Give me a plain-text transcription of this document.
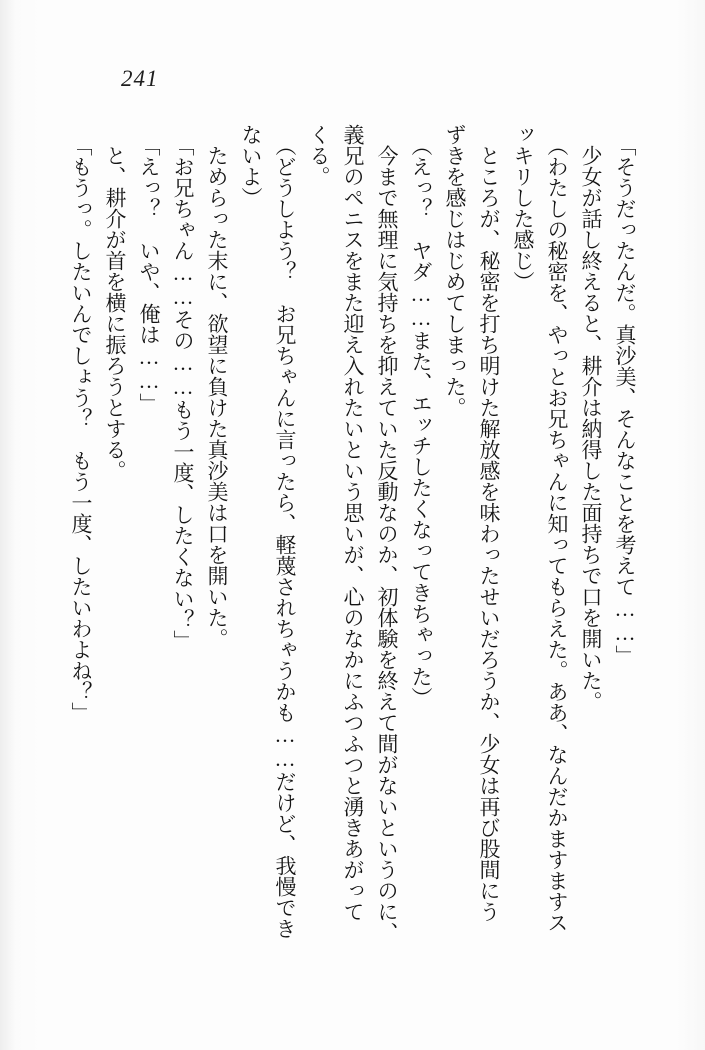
241

「そうだったんだ。真沙美、そんなことを考えて……」

少女が話し終えると、耕介は納得した面持ちで口を開いた。

（わたしの秘密を、やっとお兄ちゃんに知ってもらえた。ああ、なんだかますますス

ッキリした感じ）

ところが、秘密を打ち明けた解放感を味わったせいだろうか、少女は再び股間にう

ずきを感じはじめてしまった。

（えっ？　ヤダ……また、エッチしたくなってきちゃった）

今まで無理に気持ちを抑えていた反動なのか、初体験を終えて間がないというのに、

義兄のペニスをまた迎え入れたいという思いが、心のなかにふつふつと湧きあがって

くる。

（どうしよう？　お兄ちゃんに言ったら、軽蔑されちゃうかも……だけど、我慢でき

ないよ）

ためらった末に、欲望に負けた真沙美は口を開いた。

「お兄ちゃん……その……もう一度、したくない？」

「えっ？　いや、俺は……」

と、耕介が首を横に振ろうとする。

「もうっ。したいんでしょう？　もう一度、したいわよね？」
